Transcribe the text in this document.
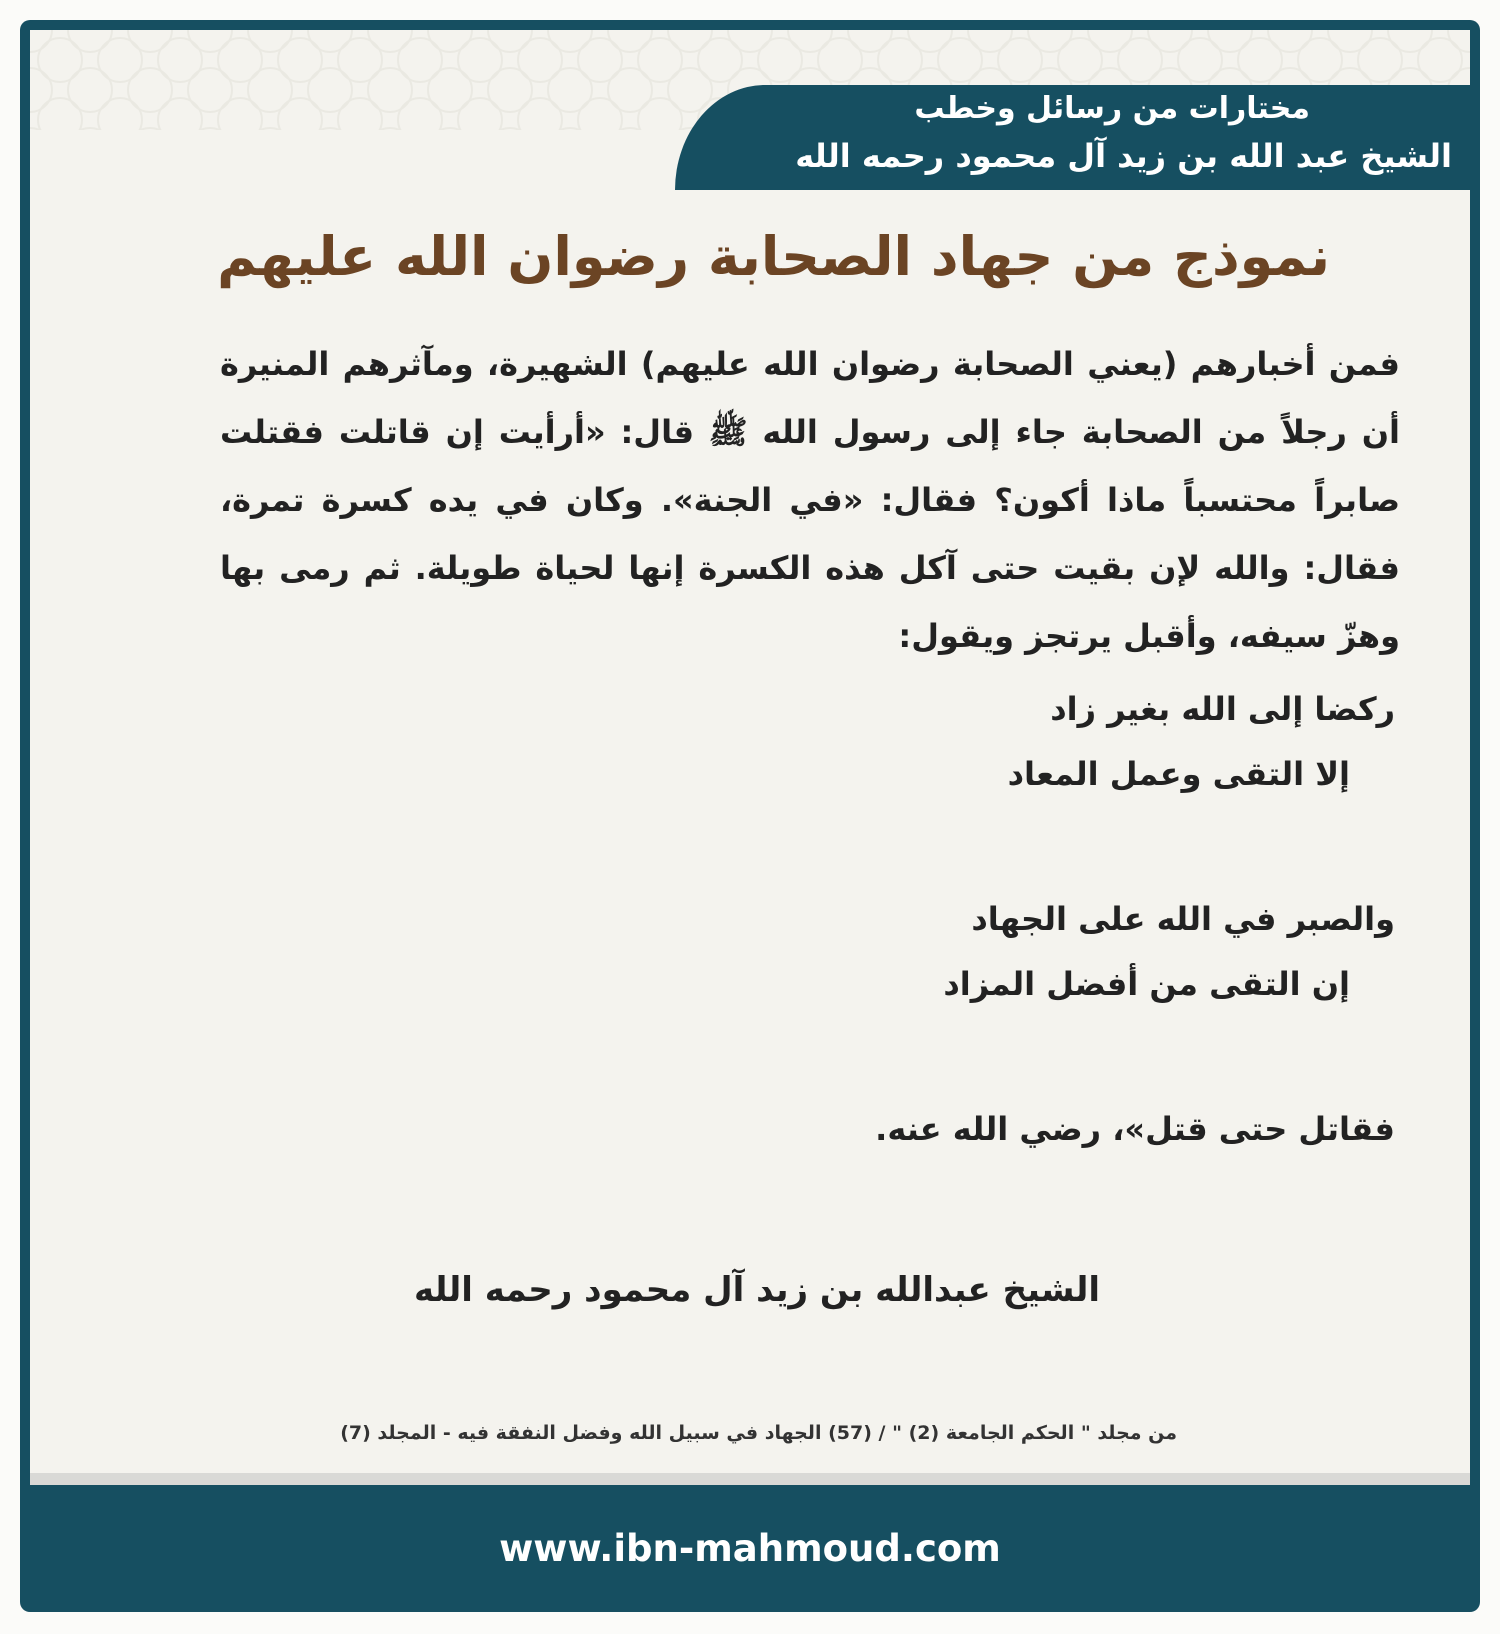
مختارات من رسائل وخطب
الشيخ عبد الله بن زيد آل محمود رحمه الله
نموذج من جهاد الصحابة رضوان الله عليهم
فمن أخبارهم (يعني الصحابة رضوان الله عليهم) الشهيرة، ومآثرهم المنيرة أن رجلاً من الصحابة جاء إلى رسول الله ﷺ قال: «أرأيت إن قاتلت فقتلت صابراً محتسباً ماذا أكون؟ فقال: «في الجنة». وكان في يده كسرة تمرة، فقال: والله لإن بقيت حتى آكل هذه الكسرة إنها لحياة طويلة. ثم رمى بها وهزّ سيفه، وأقبل يرتجز ويقول:
ركضا إلى الله بغير زاد
إلا التقى وعمل المعاد
والصبر في الله على الجهاد
إن التقى من أفضل المزاد
فقاتل حتى قتل»، رضي الله عنه.
الشيخ عبدالله بن زيد آل محمود رحمه الله
من مجلد " الحكم الجامعة (2) " / (57) الجهاد في سبيل الله وفضل النفقة فيه - المجلد (7)
www.ibn-mahmoud.com
